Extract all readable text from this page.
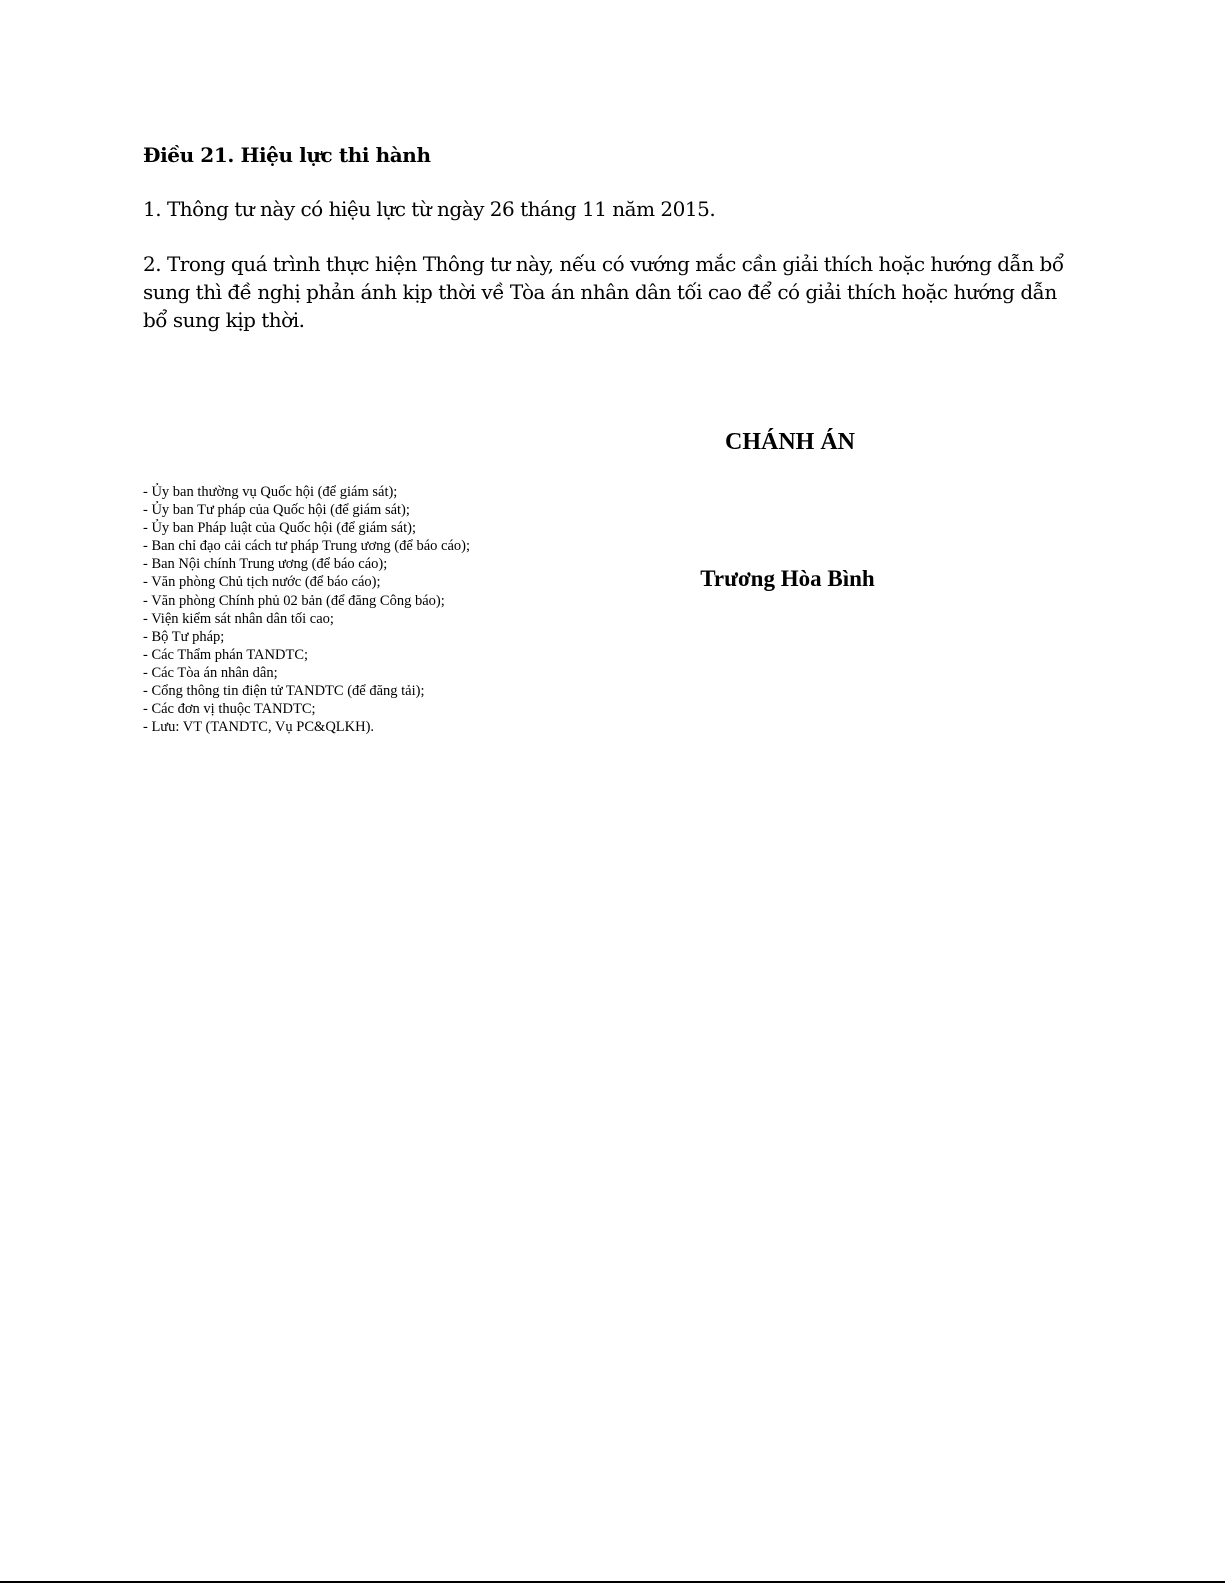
Điều 21. Hiệu lực thi hành
1. Thông tư này có hiệu lực từ ngày 26 tháng 11 năm 2015.
2. Trong quá trình thực hiện Thông tư này, nếu có vướng mắc cần giải thích hoặc hướng dẫn bổ sung thì đề nghị phản ánh kịp thời về Tòa án nhân dân tối cao để có giải thích hoặc hướng dẫn bổ sung kịp thời.
CHÁNH ÁN
Trương Hòa Bình
- Ủy ban thường vụ Quốc hội (để giám sát);
- Ủy ban Tư pháp của Quốc hội (để giám sát);
- Ủy ban Pháp luật của Quốc hội (để giám sát);
- Ban chỉ đạo cải cách tư pháp Trung ương (để báo cáo);
- Ban Nội chính Trung ương (để báo cáo);
- Văn phòng Chủ tịch nước (để báo cáo);
- Văn phòng Chính phủ 02 bản (để đăng Công báo);
- Viện kiểm sát nhân dân tối cao;
- Bộ Tư pháp;
- Các Thẩm phán TANDTC;
- Các Tòa án nhân dân;
- Cổng thông tin điện tử TANDTC (để đăng tải);
- Các đơn vị thuộc TANDTC;
- Lưu: VT (TANDTC, Vụ PC&QLKH).
